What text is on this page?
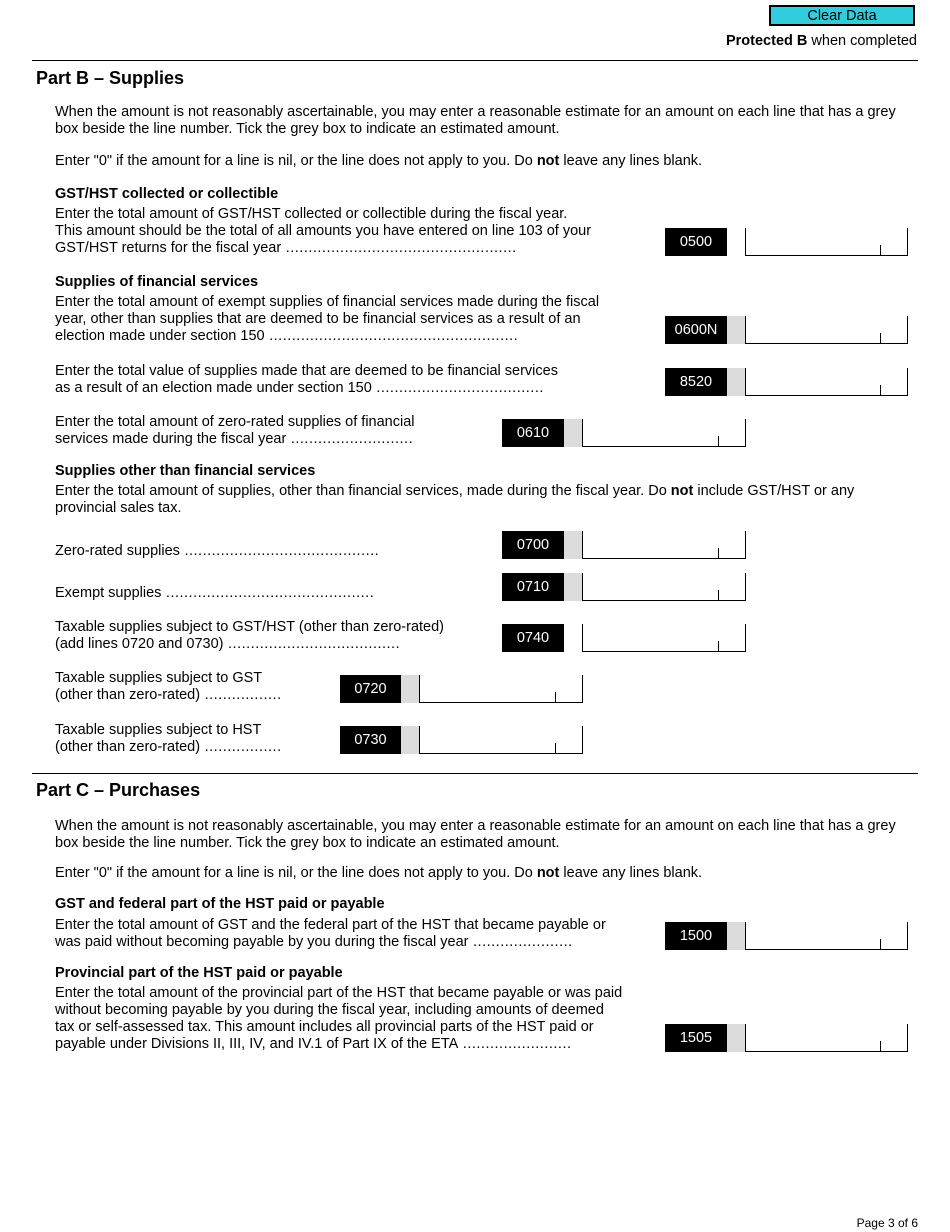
Clear Data
Protected B when completed
Part B – Supplies
When the amount is not reasonably ascertainable, you may enter a reasonable estimate for an amount on each line that has a grey box beside the line number. Tick the grey box to indicate an estimated amount.
Enter "0" if the amount for a line is nil, or the line does not apply to you. Do not leave any lines blank.
GST/HST collected or collectible
Enter the total amount of GST/HST collected or collectible during the fiscal year.
This amount should be the total of all amounts you have entered on line 103 of your
GST/HST returns for the fiscal year ...................................................	0500
Supplies of financial services
Enter the total amount of exempt supplies of financial services made during the fiscal
year, other than supplies that are deemed to be financial services as a result of an
election made under section 150 .......................................................	0600N
Enter the total value of supplies made that are deemed to be financial services
as a result of an election made under section 150 .....................................	8520
Enter the total amount of zero-rated supplies of financial
services made during the fiscal year ...........................	0610
Supplies other than financial services
Enter the total amount of supplies, other than financial services, made during the fiscal year. Do not include GST/HST or any provincial sales tax.
Zero-rated supplies ...........................................	0700
Exempt supplies ..............................................	0710
Taxable supplies subject to GST/HST (other than zero-rated)
(add lines 0720 and 0730) ......................................	0740
Taxable supplies subject to GST
(other than zero-rated) .................	0720
Taxable supplies subject to HST
(other than zero-rated) .................	0730
Part C – Purchases
When the amount is not reasonably ascertainable, you may enter a reasonable estimate for an amount on each line that has a grey box beside the line number. Tick the grey box to indicate an estimated amount.
Enter "0" if the amount for a line is nil, or the line does not apply to you. Do not leave any lines blank.
GST and federal part of the HST paid or payable
Enter the total amount of GST and the federal part of the HST that became payable or
was paid without becoming payable by you during the fiscal year ......................	1500
Provincial part of the HST paid or payable
Enter the total amount of the provincial part of the HST that became payable or was paid
without becoming payable by you during the fiscal year, including amounts of deemed
tax or self-assessed tax. This amount includes all provincial parts of the HST paid or
payable under Divisions II, III, IV, and IV.1 of Part IX of the ETA ........................	1505
Page 3 of 6
